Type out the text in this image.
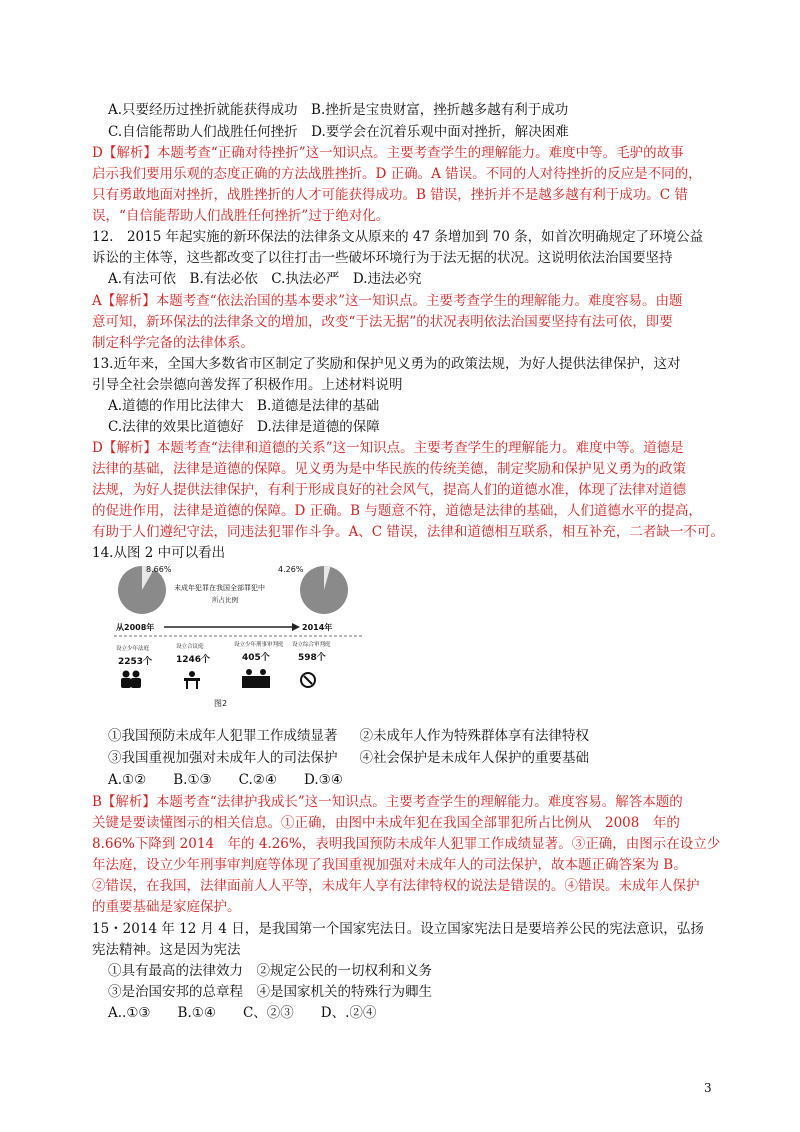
A.只要经历过挫折就能获得成功　B.挫折是宝贵财富，挫折越多越有利于成功
C.自信能帮助人们战胜任何挫折　D.要学会在沉着乐观中面对挫折，解决困难
D【解析】本题考查“正确对待挫折”这一知识点。主要考查学生的理解能力。难度中等。毛驴的故事
启示我们要用乐观的态度正确的方法战胜挫折。D 正确。A 错误。不同的人对待挫折的反应是不同的，
只有勇敢地面对挫折，战胜挫折的人才可能获得成功。B 错误，挫折并不是越多越有利于成功。C 错
误，“自信能帮助人们战胜任何挫折”过于绝对化。
12.　2015 年起实施的新环保法的法律条文从原来的 47 条增加到 70 条，如首次明确规定了环境公益
诉讼的主体等，这些都改变了以往打击一些破坏环境行为于法无据的状况。这说明依法治国要坚持
A.有法可依　B.有法必依　C.执法必严　D.违法必究
A【解析】本题考查“依法治国的基本要求”这一知识点。主要考查学生的理解能力。难度容易。由题
意可知，新环保法的法律条文的增加，改变“于法无据”的状况表明依法治国要坚持有法可依，即要
制定科学完备的法律体系。
13.近年来，全国大多数省市区制定了奖励和保护见义勇为的政策法规，为好人提供法律保护，这对
引导全社会崇德向善发挥了积极作用。上述材料说明
A.道德的作用比法律大　B.道德是法律的基础
C.法律的效果比道德好　D.法律是道德的保障
D【解析】本题考查“法律和道德的关系”这一知识点。主要考查学生的理解能力。难度中等。道德是
法律的基础，法律是道德的保障。见义勇为是中华民族的传统美德，制定奖励和保护见义勇为的政策
法规，为好人提供法律保护，有利于形成良好的社会风气，提高人们的道德水准，体现了法律对道德
的促进作用，法律是道德的保障。D 正确。B 与题意不符，道德是法律的基础，人们道德水平的提高，
有助于人们遵纪守法，同违法犯罪作斗争。A、C 错误，法律和道德相互联系，相互补充，二者缺一不可。
14.从图 2 中可以看出
8.66%	4.26%
未成年犯罪在我国全部罪犯中
所占比例
从2008年	2014年
设立少年法庭	设立合议庭	设立少年刑事审判庭 设立综合审判庭
2253个	1246个	405个	598个
图2
①我国预防未成年人犯罪工作成绩显著 ②未成年人作为特殊群体享有法律特权
③我国重视加强对未成年人的司法保护 ④社会保护是未成年人保护的重要基础
A.①②　　B.①③　　C.②④　　D.③④
B【解析】本题考查“法律护我成长”这一知识点。主要考查学生的理解能力。难度容易。解答本题的
关键是要读懂图示的相关信息。①正确，由图中未成年犯在我国全部罪犯所占比例从　2008　年的
8.66%下降到 2014　年的 4.26%，表明我国预防未成年人犯罪工作成绩显著。③正确，由图示在设立少
年法庭，设立少年刑事审判庭等体现了我国重视加强对未成年人的司法保护，故本题正确答案为 B。
②错误，在我国，法律面前人人平等，未成年人享有法律特权的说法是错误的。④错误。未成年人保护
的重要基础是家庭保护。
15・2014 年 12 月 4 日，是我国第一个国家宪法日。设立国家宪法日是要培养公民的宪法意识，弘扬
宪法精神。这是因为宪法
①具有最高的法律效力　②规定公民的一切权利和义务
③是治国安邦的总章程　④是国家机关的特殊行为卿生
A..①③　　B.①④　　C、②③　　D、.②④
3
